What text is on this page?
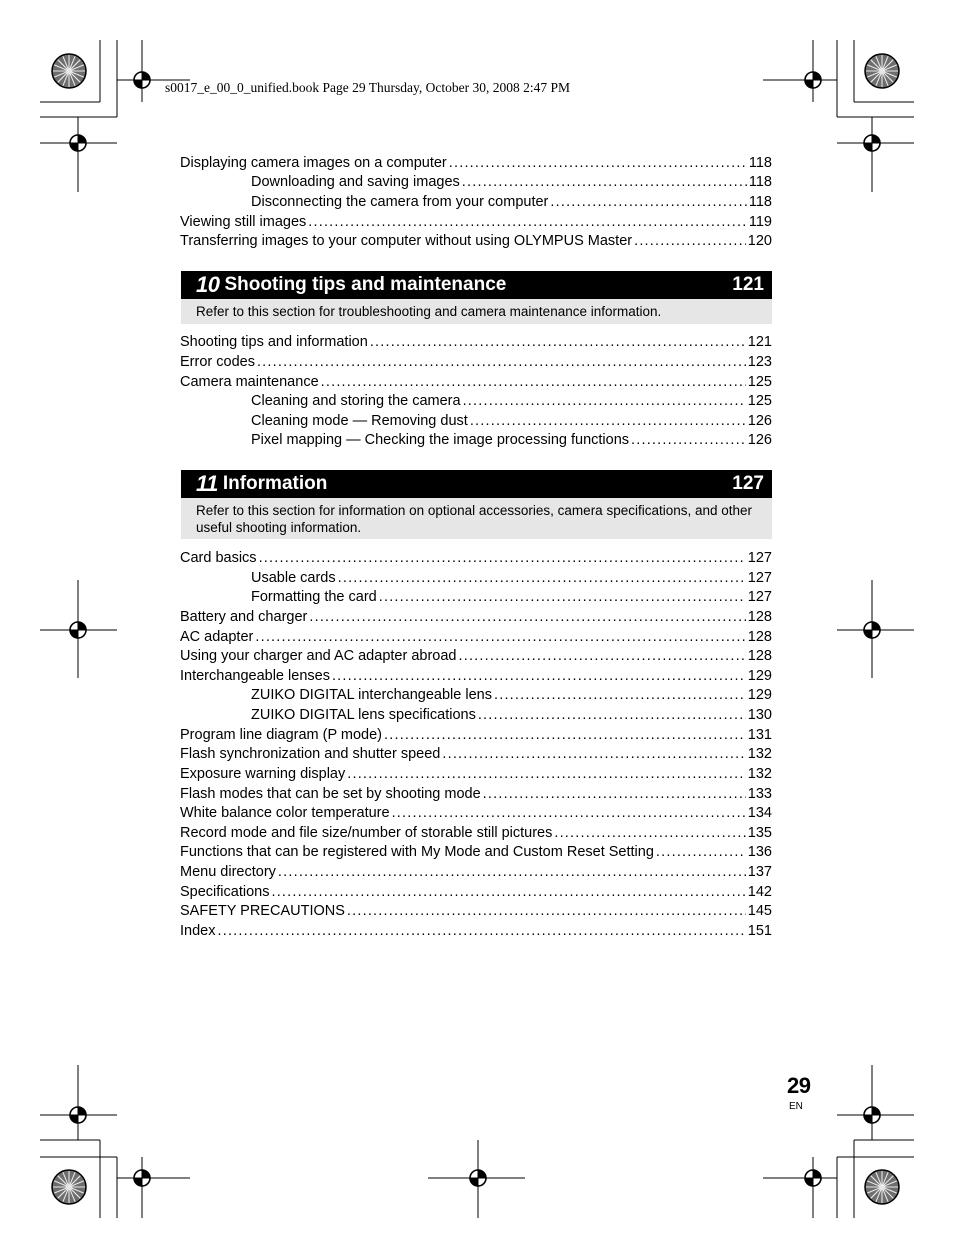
s0017_e_00_0_unified.book Page 29 Thursday, October 30, 2008 2:47 PM
Displaying camera images on a computer .....	118
Downloading and saving images .....	118
Disconnecting the camera from your computer .....	118
Viewing still images .....	119
Transferring images to your computer without using OLYMPUS Master .....	120
10 Shooting tips and maintenance	121
Refer to this section for troubleshooting and camera maintenance information.
Shooting tips and information .....	121
Error codes .....	123
Camera maintenance .....	125
Cleaning and storing the camera .....	125
Cleaning mode — Removing dust .....	126
Pixel mapping — Checking the image processing functions .....	126
11 Information	127
Refer to this section for information on optional accessories, camera specifications, and other useful shooting information.
Card basics .....	127
Usable cards .....	127
Formatting the card .....	127
Battery and charger .....	128
AC adapter .....	128
Using your charger and AC adapter abroad .....	128
Interchangeable lenses .....	129
ZUIKO DIGITAL interchangeable lens .....	129
ZUIKO DIGITAL lens specifications .....	130
Program line diagram (P mode) .....	131
Flash synchronization and shutter speed .....	132
Exposure warning display .....	132
Flash modes that can be set by shooting mode .....	133
White balance color temperature .....	134
Record mode and file size/number of storable still pictures .....	135
Functions that can be registered with My Mode and Custom Reset Setting .....	136
Menu directory .....	137
Specifications .....	142
SAFETY PRECAUTIONS .....	145
Index .....	151
29
EN
